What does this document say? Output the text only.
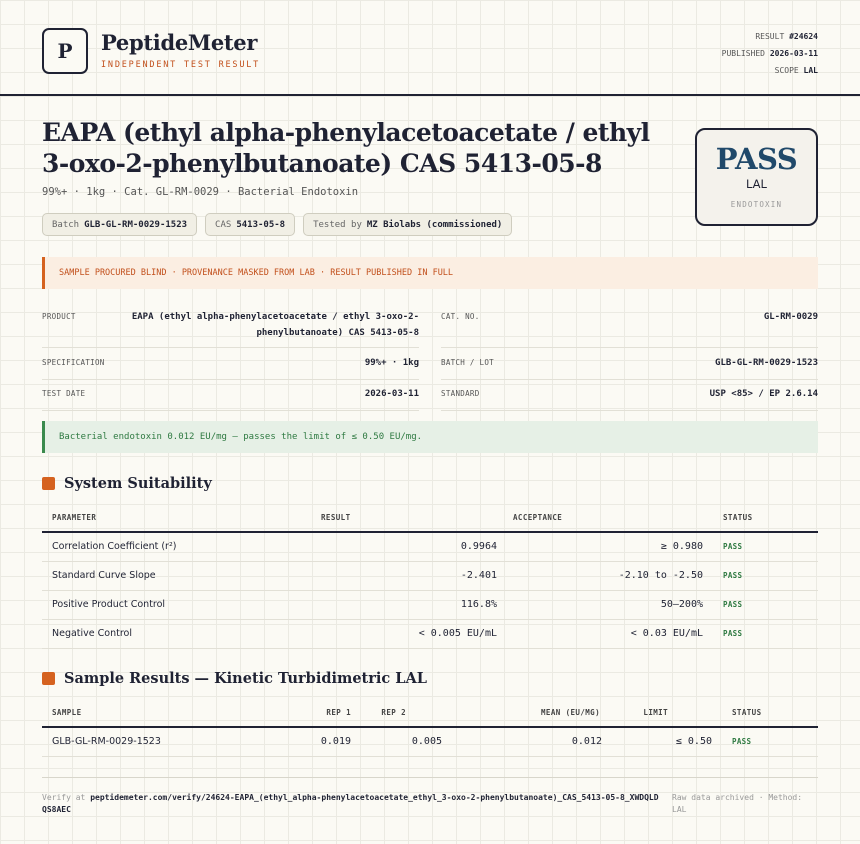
P PeptideMeter
INDEPENDENT TEST RESULT
RESULT #24624
PUBLISHED 2026-03-11
SCOPE LAL
EAPA (ethyl alpha-phenylacetoacetate / ethyl 3-oxo-2-phenylbutanoate) CAS 5413-05-8
99%+ · 1kg · Cat. GL-RM-0029 · Bacterial Endotoxin
Batch GLB-GL-RM-0029-1523	CAS 5413-05-8	Tested by MZ Biolabs (commissioned)
PASS
LAL
ENDOTOXIN
SAMPLE PROCURED BLIND · PROVENANCE MASKED FROM LAB · RESULT PUBLISHED IN FULL
PRODUCT	EAPA (ethyl alpha-phenylacetoacetate / ethyl 3-oxo-2-phenylbutanoate) CAS 5413-05-8
CAT. NO.	GL-RM-0029
SPECIFICATION	99%+ · 1kg	BATCH / LOT	GLB-GL-RM-0029-1523
TEST DATE	2026-03-11	STANDARD	USP <85> / EP 2.6.14
Bacterial endotoxin 0.012 EU/mg — passes the limit of ≤ 0.50 EU/mg.
System Suitability
PARAMETER	RESULT	ACCEPTANCE	STATUS
Correlation Coefficient (r²)	0.9964	≥ 0.980	PASS
Standard Curve Slope	-2.401	-2.10 to -2.50	PASS
Positive Product Control	116.8%	50–200%	PASS
Negative Control	< 0.005 EU/mL	< 0.03 EU/mL	PASS
Sample Results — Kinetic Turbidimetric LAL
SAMPLE	REP 1	REP 2	MEAN (EU/MG)	LIMIT	STATUS
GLB-GL-RM-0029-1523	0.019	0.005	0.012	≤ 0.50	PASS
Verify at peptidemeter.com/verify/24624-EAPA_(ethyl_alpha-phenylacetoacetate_ethyl_3-oxo-2-phenylbutanoate)_CAS_5413-05-8_XWDQLDQS8AEC
Raw data archived · Method: LAL
